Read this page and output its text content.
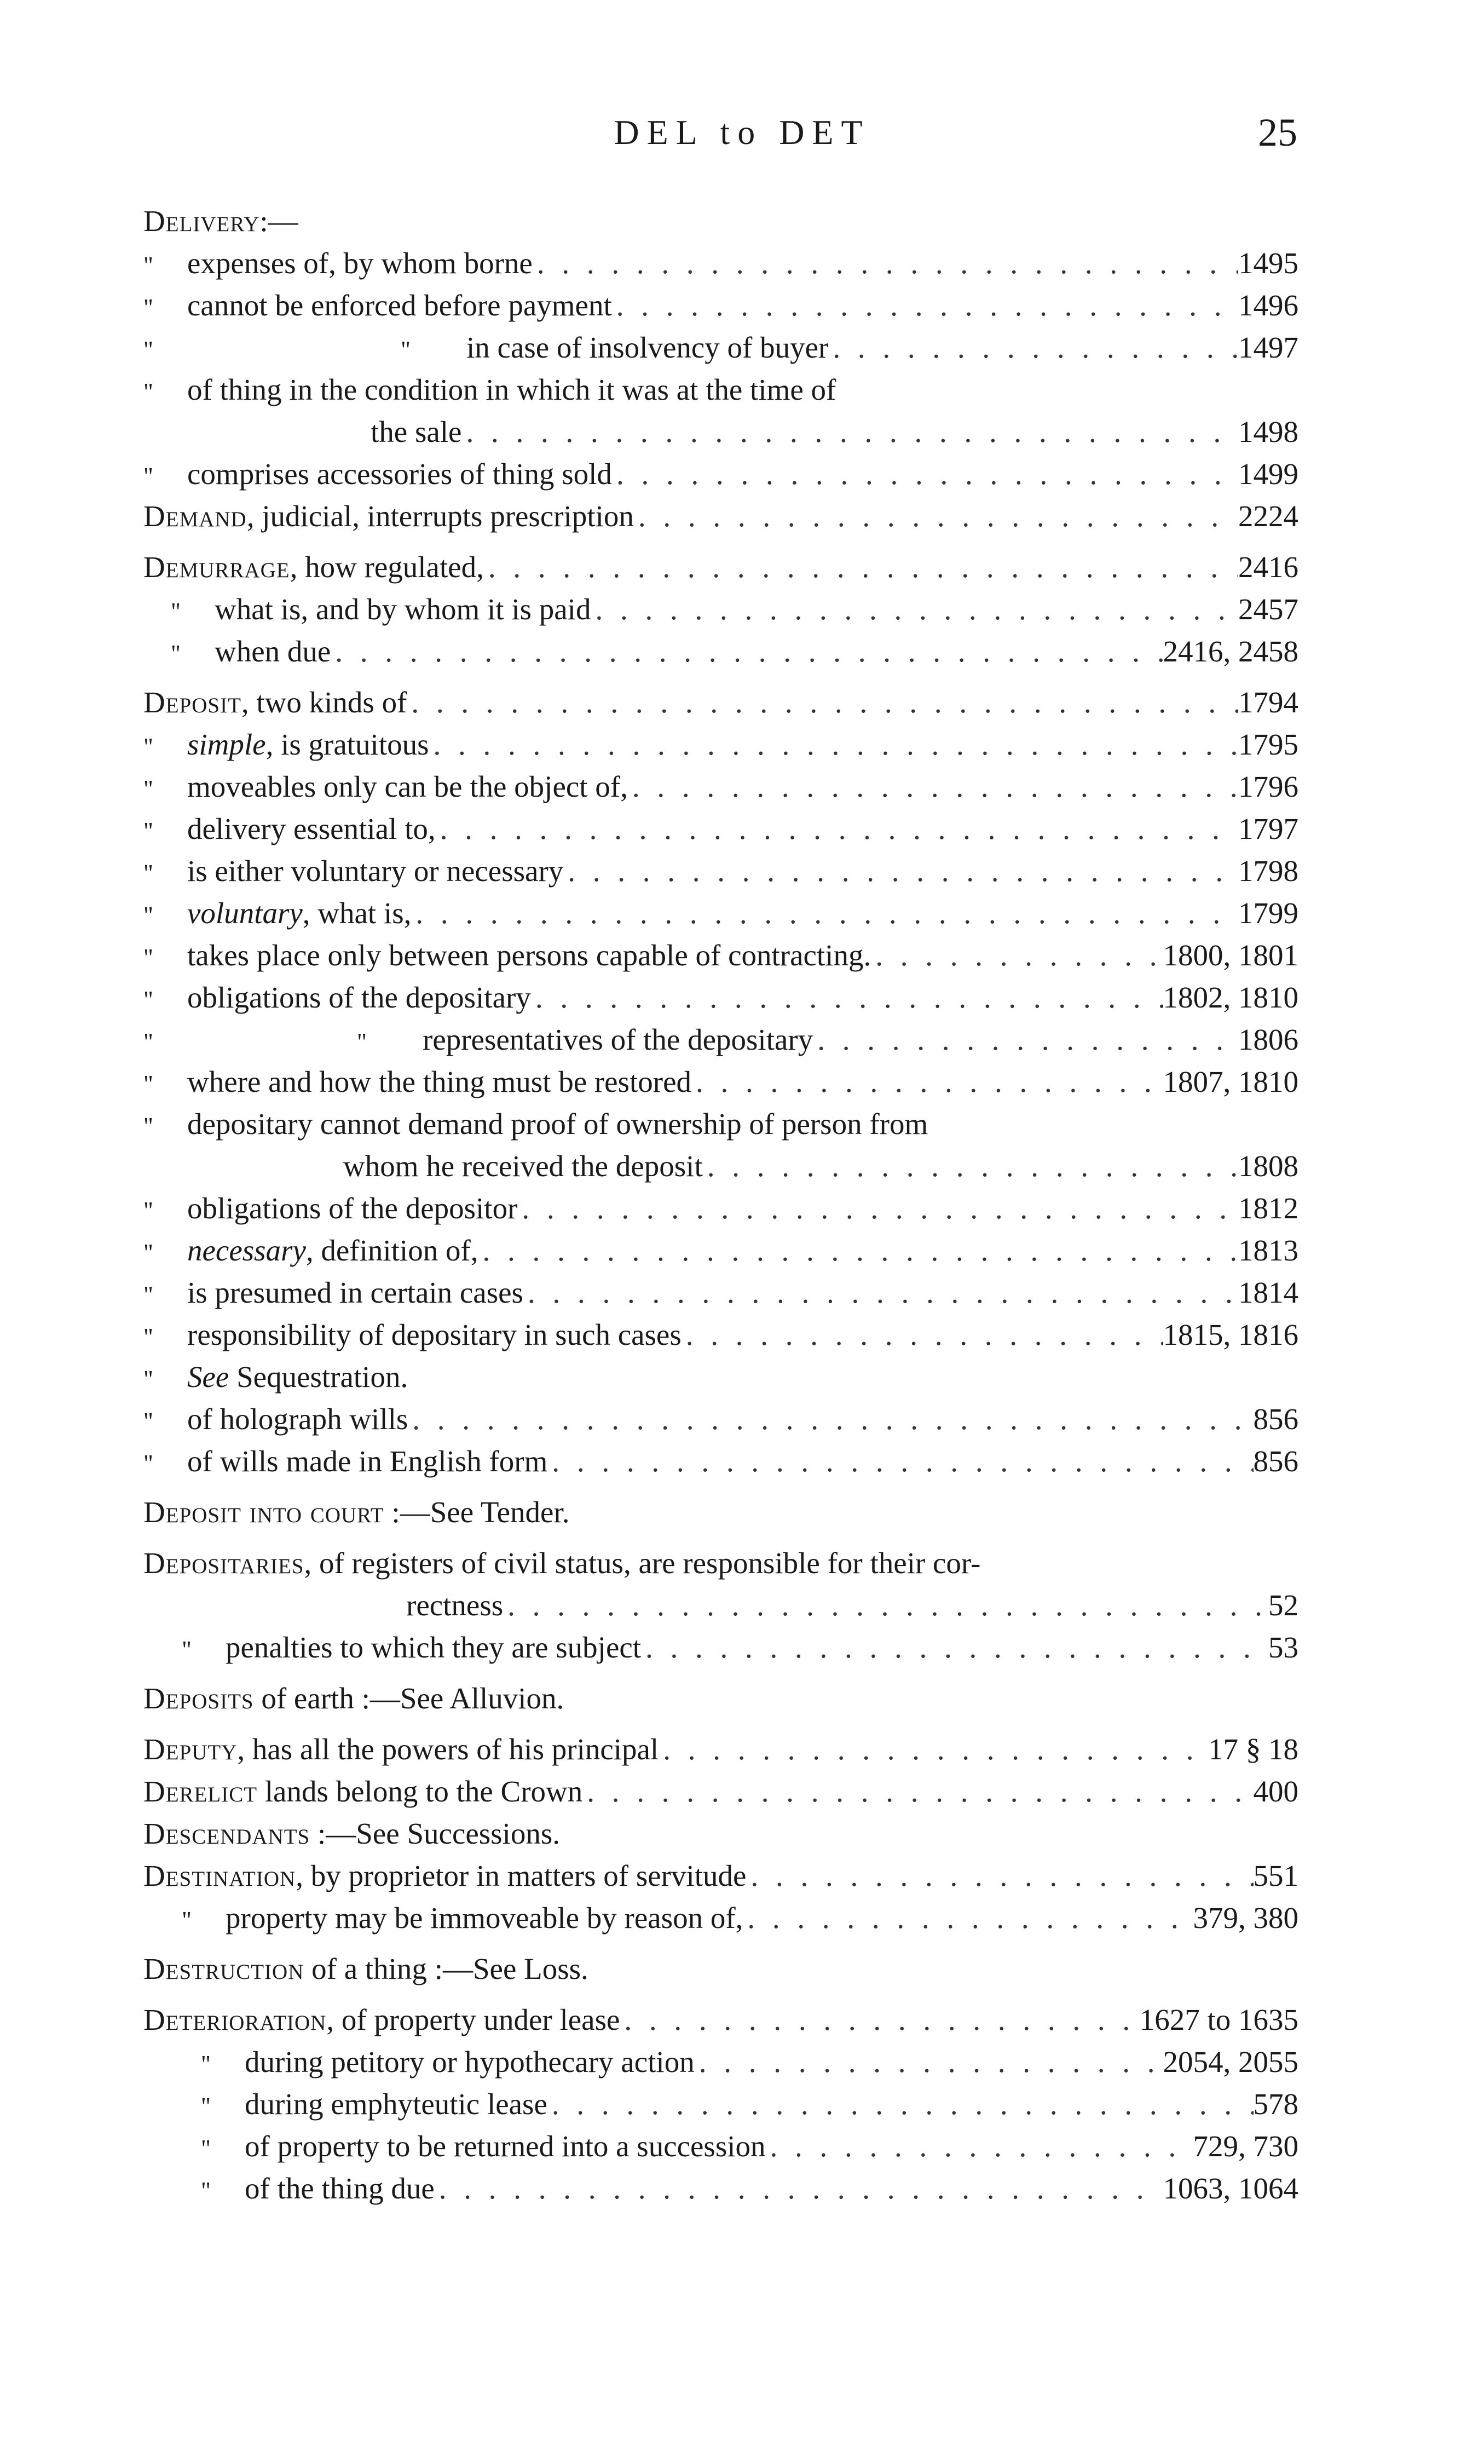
DEL to DET	25
Delivery :—
"	expenses of, by whom borne . . .	1495
"	cannot be enforced before payment . . .	1496
"	"	in case of insolvency of buyer . . .	1497
"	of thing in the condition in which it was at the time of
the sale . . .	1498
"	comprises accessories of thing sold . . .	1499
Demand , judicial, interrupts prescription . . .	2224
Demurrage , how regulated, . . .	2416
"	what is, and by whom it is paid . . .	2457
"	when due . . .	2416, 2458
Deposit , two kinds of . . .	1794
"	simple , is gratuitous . . .	1795
"	moveables only can be the object of, . . .	1796
"	delivery essential to, . . .	1797
"	is either voluntary or necessary . . .	1798
"	voluntary , what is, . . .	1799
"	takes place only between persons capable of contracting. . . .	1800, 1801
"	obligations of the depositary . . .	1802, 1810
"	"	representatives of the depositary . . .	1806
"	where and how the thing must be restored . . .	1807, 1810
"	depositary cannot demand proof of ownership of person from
whom he received the deposit . . .	1808
"	obligations of the depositor . . .	1812
"	necessary , definition of, . . .	1813
"	is presumed in certain cases . . .	1814
"	responsibility of depositary in such cases . . .	1815, 1816
"	See Sequestration.
"	of holograph wills . . .	856
"	of wills made in English form . . .	856
Deposit into court :—See Tender.
Depositaries , of registers of civil status, are responsible for their cor-
rectness . . .	52
"	penalties to which they are subject . . .	53
Deposits of earth :—See Alluvion.
Deputy , has all the powers of his principal . . .	17 § 18
Derelict lands belong to the Crown . . .	400
Descendants :—See Successions.
Destination , by proprietor in matters of servitude . . .	551
"	property may be immoveable by reason of, . . .	379, 380
Destruction of a thing :—See Loss.
Deterioration , of property under lease . . .	1627 to 1635
"	during petitory or hypothecary action . . .	2054, 2055
"	during emphyteutic lease . . .	578
"	of property to be returned into a succession . . .	729, 730
"	of the thing due . . .	1063, 1064
